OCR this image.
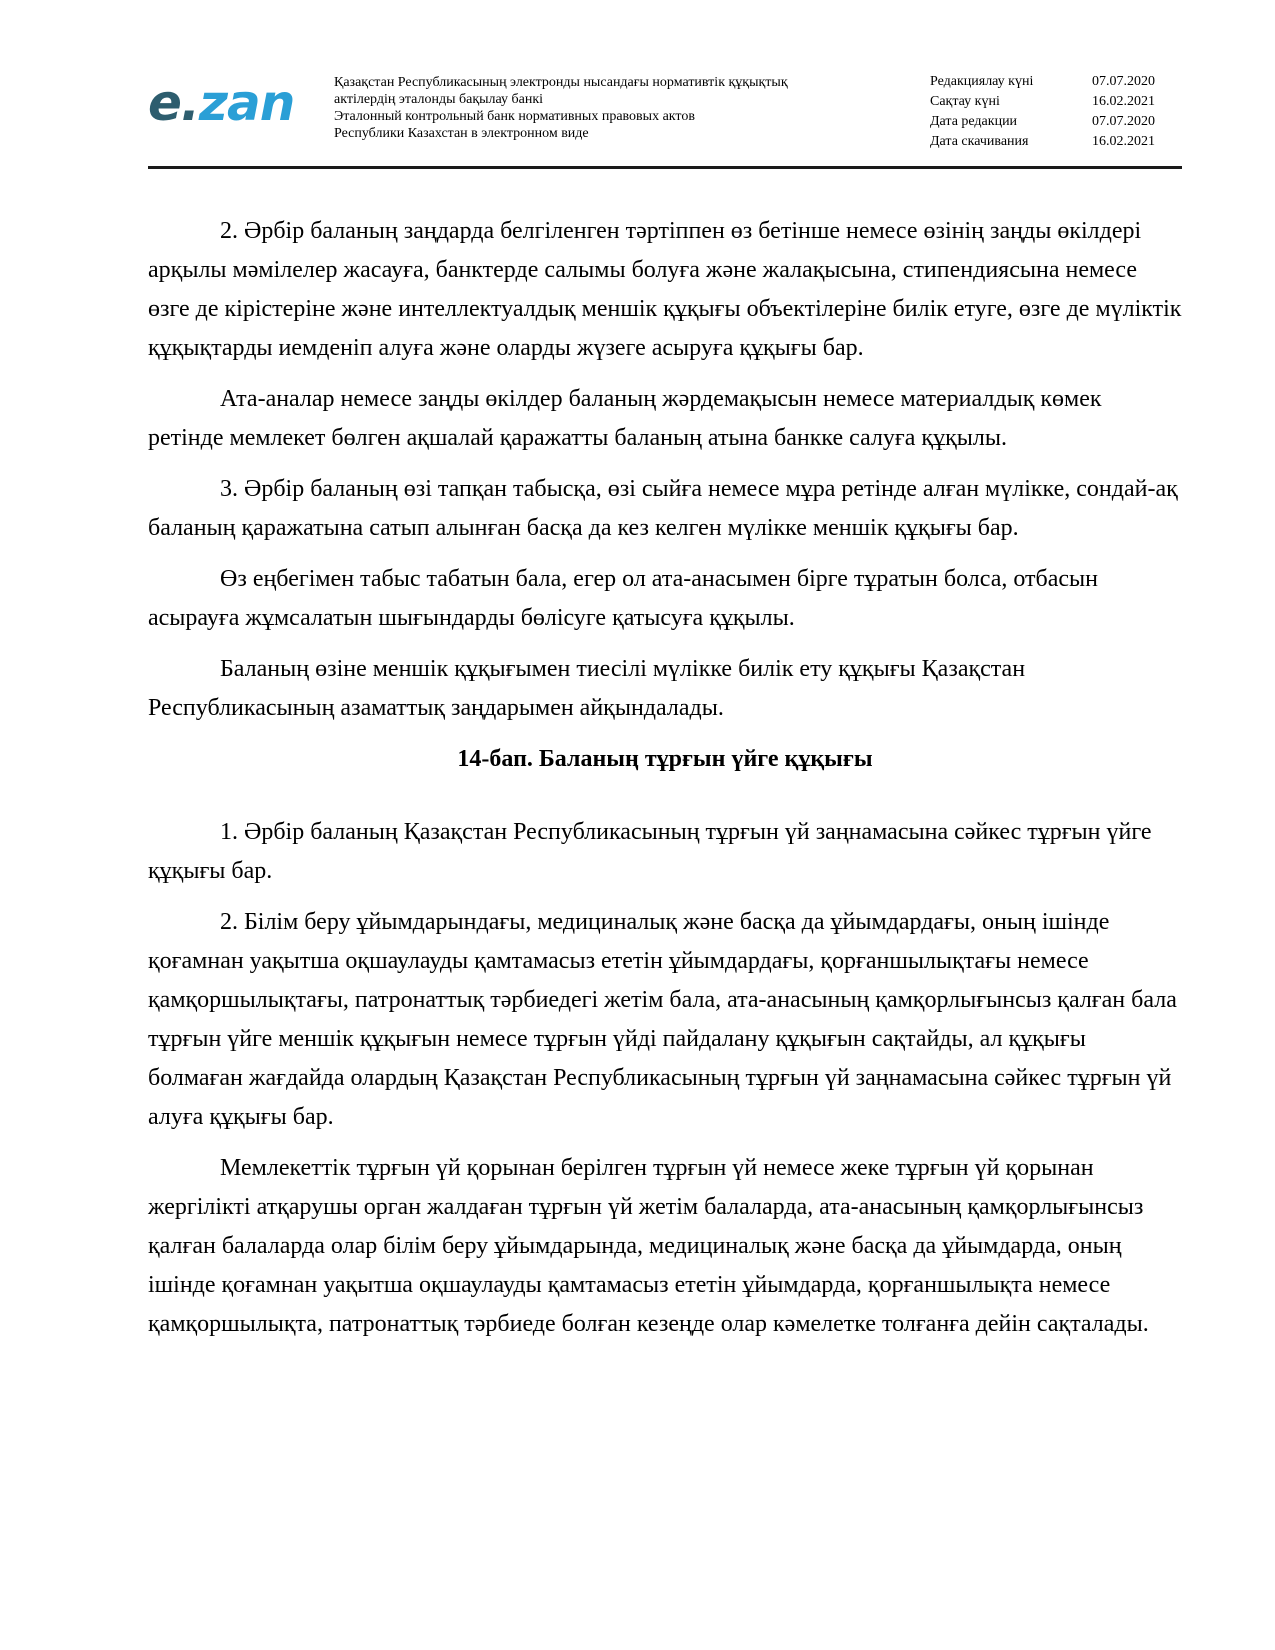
e.zan	Қазақстан Республикасының электронды нысандағы нормативтік құқықтық
актілердің эталонды бақылау банкі
Эталонный контрольный банк нормативных правовых актов
Республики Казахстан в электронном виде
Редакциялау күні	07.07.2020
Сақтау күні	16.02.2021
Дата редакции	07.07.2020
Дата скачивания	16.02.2021

2. Әрбір баланың заңдарда белгіленген тәртіппен өз бетінше немесе өзінің заңды өкілдері арқылы мәмілелер жасауға, банктерде салымы болуға және жалақысына, стипендиясына немесе өзге де кірістеріне және интеллектуалдық меншік құқығы объектілеріне билік етуге, өзге де мүліктік құқықтарды иемденіп алуға және оларды жүзеге асыруға құқығы бар.

Ата-аналар немесе заңды өкілдер баланың жәрдемақысын немесе материалдық көмек ретінде мемлекет бөлген ақшалай қаражатты баланың атына банкке салуға құқылы.

3. Әрбір баланың өзі тапқан табысқа, өзі сыйға немесе мұра ретінде алған мүлікке, сондай-ақ баланың қаражатына сатып алынған басқа да кез келген мүлікке меншік құқығы бар.

Өз еңбегімен табыс табатын бала, егер ол ата-анасымен бірге тұратын болса, отбасын асырауға жұмсалатын шығындарды бөлісуге қатысуға құқылы.

Баланың өзіне меншік құқығымен тиесілі мүлікке билік ету құқығы Қазақстан Республикасының азаматтық заңдарымен айқындалады.

14-бап. Баланың тұрғын үйге құқығы

1. Әрбір баланың Қазақстан Республикасының тұрғын үй заңнамасына сәйкес тұрғын үйге құқығы бар.

2. Білім беру ұйымдарындағы, медициналық және басқа да ұйымдардағы, оның ішінде қоғамнан уақытша оқшаулауды қамтамасыз ететін ұйымдардағы, қорғаншылықтағы немесе қамқоршылықтағы, патронаттық тәрбиедегі жетім бала, ата-анасының қамқорлығынсыз қалған бала тұрғын үйге меншік құқығын немесе тұрғын үйді пайдалану құқығын сақтайды, ал құқығы болмаған жағдайда олардың Қазақстан Республикасының тұрғын үй заңнамасына сәйкес тұрғын үй алуға құқығы бар.

Мемлекеттік тұрғын үй қорынан берілген тұрғын үй немесе жеке тұрғын үй қорынан жергілікті атқарушы орган жалдаған тұрғын үй жетім балаларда, ата-анасының қамқорлығынсыз қалған балаларда олар білім беру ұйымдарында, медициналық және басқа да ұйымдарда, оның ішінде қоғамнан уақытша оқшаулауды қамтамасыз ететін ұйымдарда, қорғаншылықта немесе қамқоршылықта, патронаттық тәрбиеде болған кезеңде олар кәмелетке толғанға дейін сақталады.
